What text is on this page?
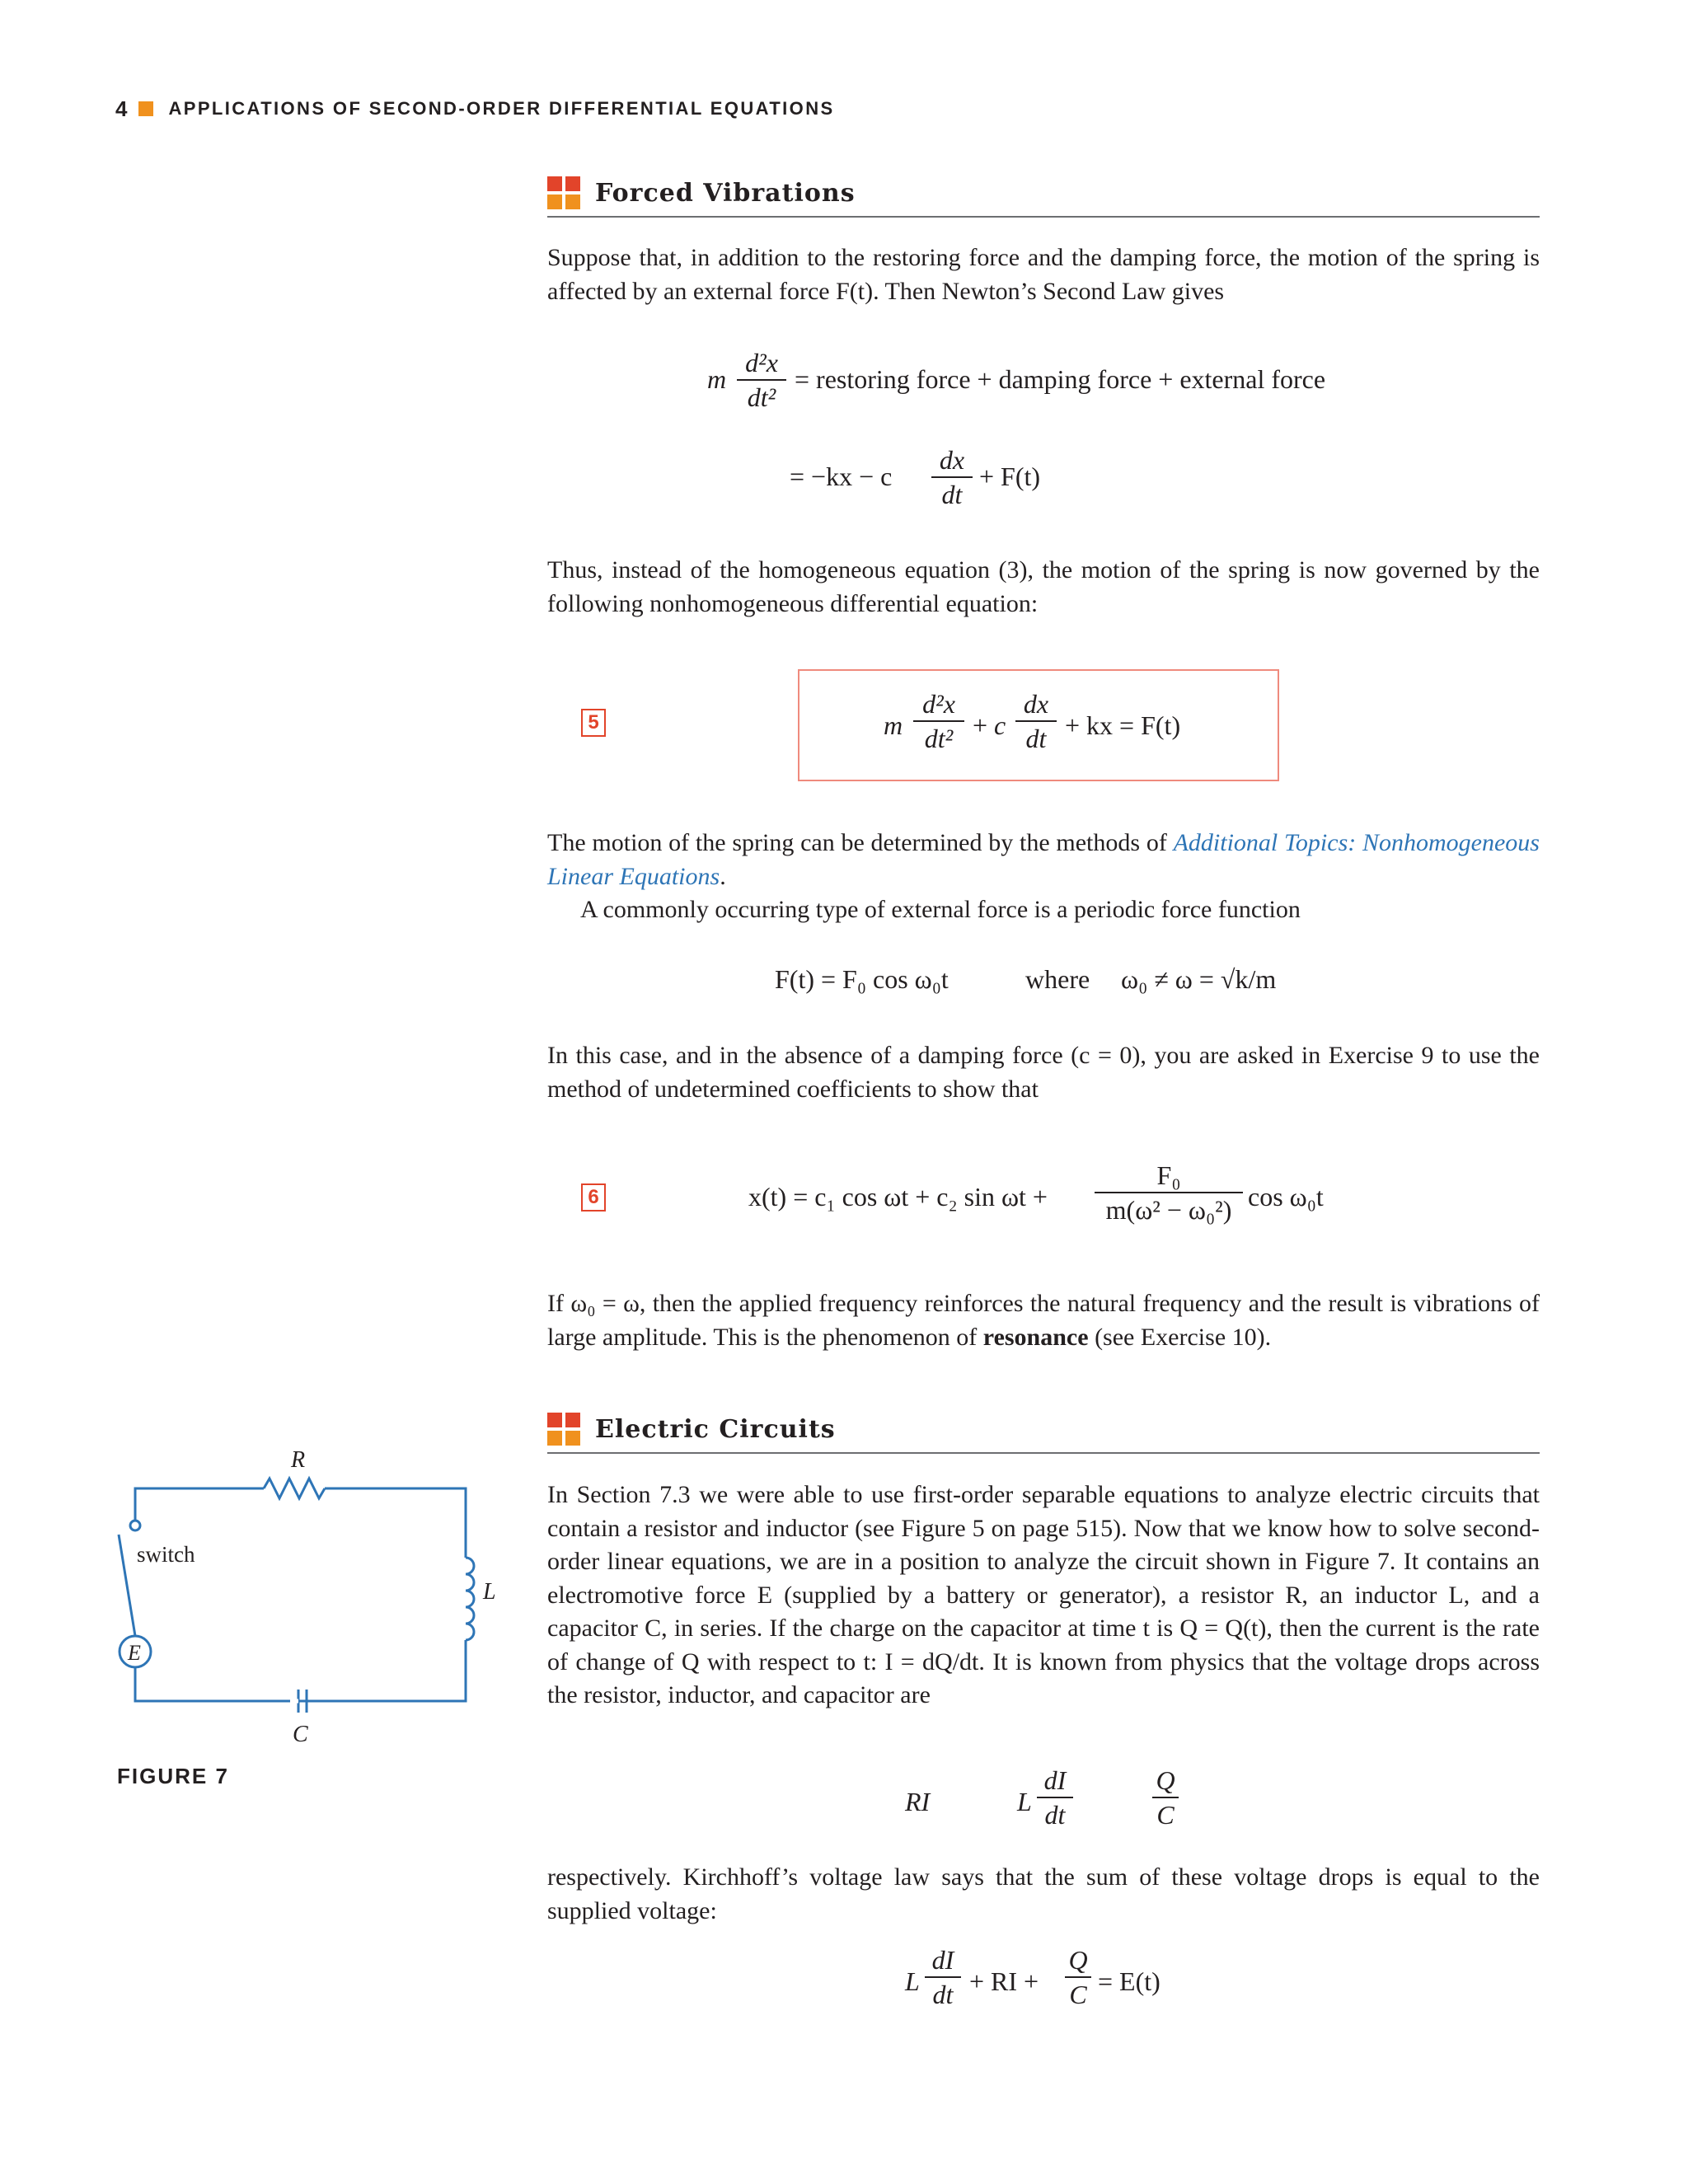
4 APPLICATIONS OF SECOND-ORDER DIFFERENTIAL EQUATIONS
Forced Vibrations
Suppose that, in addition to the restoring force and the damping force, the motion of the spring is affected by an external force F(t). Then Newton’s Second Law gives
m
d²x
dt²
= restoring force + damping force + external force
= −kx − c
dx
dt
+ F(t)
Thus, instead of the homogeneous equation (3), the motion of the spring is now governed by the following nonhomogeneous differential equation:
5	m
d²x
dt² + c
dx
dt + kx = F(t)
The motion of the spring can be determined by the methods of Additional Topics: Nonhomogeneous Linear Equations.
A commonly occurring type of external force is a periodic force function
F(t) = F₀ cos ω₀t	where ω₀ ≠ ω = √k/m
In this case, and in the absence of a damping force (c = 0), you are asked in Exercise 9 to use the method of undetermined coefficients to show that
6	x(t) = c₁ cos ωt + c₂ sin ωt +
F₀
m(ω² − ω₀²) cos ω₀t
If ω₀ = ω, then the applied frequency reinforces the natural frequency and the result is vibrations of large amplitude. This is the phenomenon of resonance (see Exercise 10).
Electric Circuits
In Section 7.3 we were able to use first-order separable equations to analyze electric circuits that contain a resistor and inductor (see Figure 5 on page 515). Now that we know how to solve second-order linear equations, we are in a position to analyze the circuit shown in Figure 7. It contains an electromotive force E (supplied by a battery or generator), a resistor R, an inductor L, and a capacitor C, in series. If the charge on the capacitor at time t is Q = Q(t), then the current is the rate of change of Q with respect to t: I = dQ/dt. It is known from physics that the voltage drops across the resistor, inductor, and capacitor are
RI	L
dI
dt
Q
C
respectively. Kirchhoff’s voltage law says that the sum of these voltage drops is equal to the supplied voltage:
L
dI
dt + RI +
Q
C = E(t)
R
L
C
E
switch
FIGURE 7
